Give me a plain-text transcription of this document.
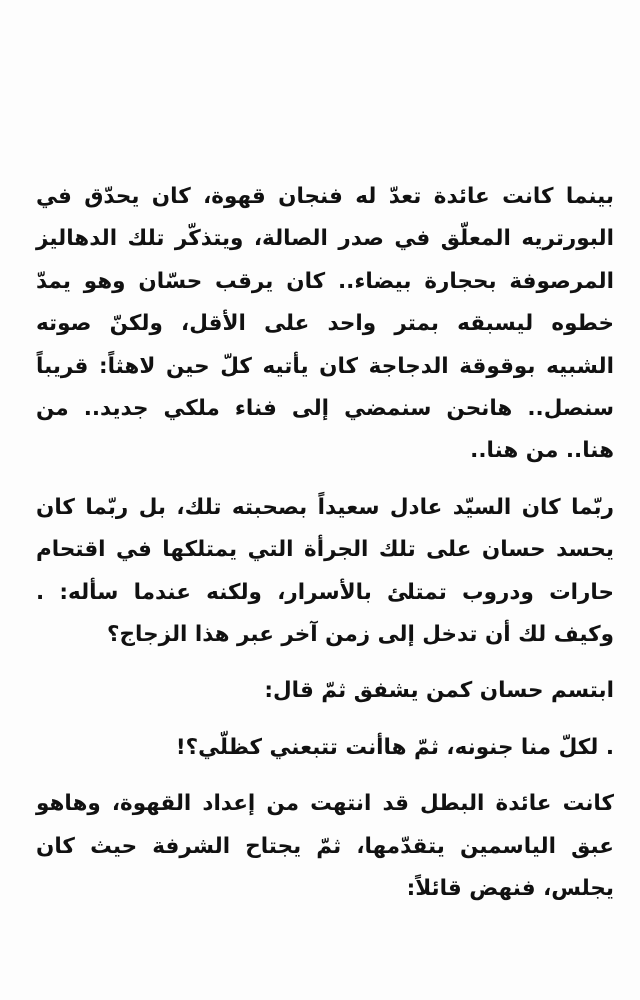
بينما كانت عائدة تعدّ له فنجان قهوة، كان يحدّق في البورتريه المعلّق في صدر الصالة، ويتذكّر تلك الدهاليز المرصوفة بحجارة بيضاء.. كان يرقب حسّان وهو يمدّ خطوه ليسبقه بمتر واحد على الأقل، ولكنّ صوته الشبيه بوقوقة الدجاجة كان يأتيه كلّ حين لاهثاً: قريباً سنصل.. هانحن سنمضي إلى فناء ملكي جديد.. من هنا.. من هنا..

ربّما كان السيّد عادل سعيداً بصحبته تلك، بل ربّما كان يحسد حسان على تلك الجرأة التي يمتلكها في اقتحام حارات ودروب تمتلئ بالأسرار، ولكنه عندما سأله: . وكيف لك أن تدخل إلى زمن آخر عبر هذا الزجاج؟

ابتسم حسان كمن يشفق ثمّ قال:

. لكلّ منا جنونه، ثمّ هاأنت تتبعني كظلّي؟!

كانت عائدة البطل قد انتهت من إعداد القهوة، وهاهو عبق الياسمين يتقدّمها، ثمّ يجتاح الشرفة حيث كان يجلس، فنهض قائلاً:
